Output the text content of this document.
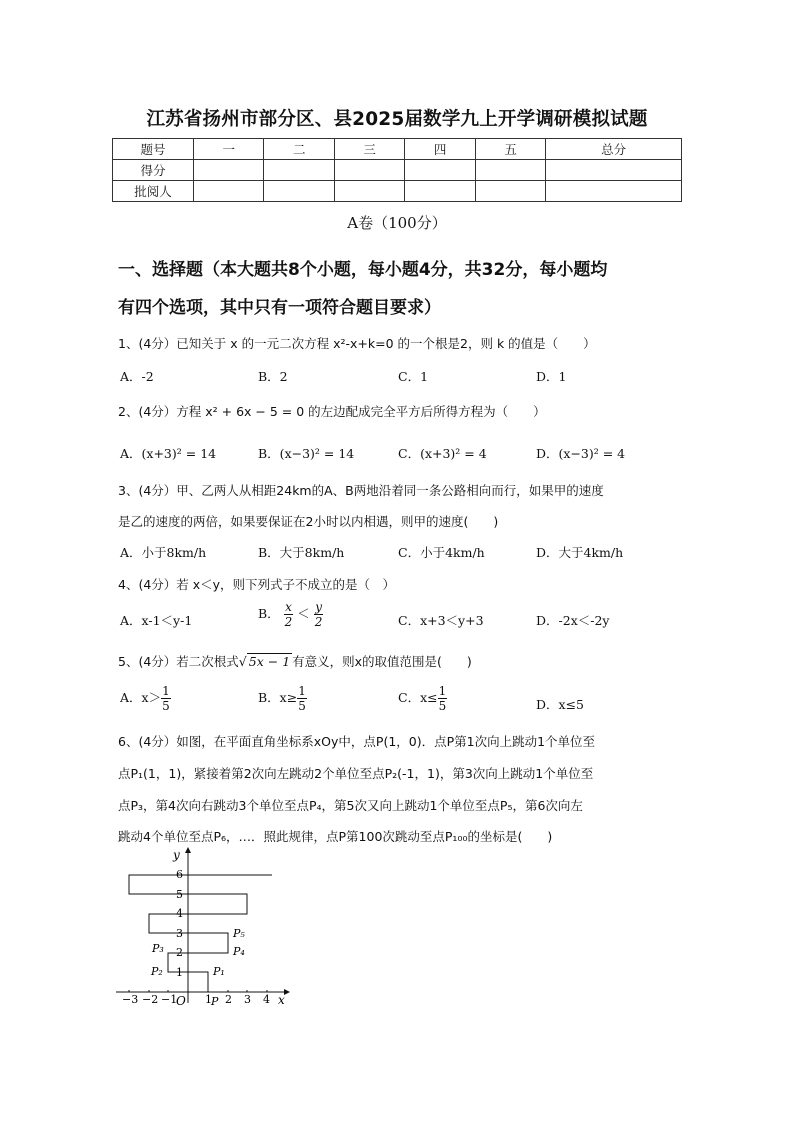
江苏省扬州市部分区、县2025届数学九上开学调研模拟试题
题号	一	二	三	四	五	总分
得分						
批阅人						
A卷（100分）
一、选择题（本大题共8个小题，每小题4分，共32分，每小题均
有四个选项，其中只有一项符合题目要求）
1、(4分）已知关于 x 的一元二次方程 x²-x+k=0 的一个根是2，则 k 的值是（　　）
A．-2	B．2	C．1	D．1
2、(4分）方程 x² + 6x − 5 = 0 的左边配成完全平方后所得方程为（　　）
A．(x+3)² = 14	B．(x−3)² = 14	C．(x+3)² = 4	D．(x−3)² = 4
3、(4分）甲、乙两人从相距24km的A、B两地沿着同一条公路相向而行，如果甲的速度
是乙的速度的两倍，如果要保证在2小时以内相遇，则甲的速度(　　)
A．小于8km/h	B．大于8km/h	C．小于4km/h	D．大于4km/h
4、(4分）若 x＜y，则下列式子不成立的是（　）
A．x-1＜y-1	B． $\frac{x}{2} < \frac{y}{2}$	C．x+3＜y+3	D．-2x＜-2y
5、(4分）若二次根式√ 5x − 1 有意义，则x的取值范围是(　　)
A．$x> \frac{1}{5}$	B．$x\ge \frac{1}{5}$	C．$x\le \frac{1}{5}$	D．x≤5
6、(4分）如图，在平面直角坐标系xOy中，点P(1，0)．点P第1次向上跳动1个单位至
点P₁(1，1)，紧接着第2次向左跳动2个单位至点P₂(-1，1)，第3次向上跳动1个单位至
点P₃，第4次向右跳动3个单位至点P₄，第5次又向上跳动1个单位至点P₅，第6次向左
跳动4个单位至点P₆，…．照此规律，点P第100次跳动至点P₁₀₀的坐标是(　　)
y
x
O
−3 −2 −1	1 2 3 4
1
2
3
4
5
6
P
P₁
P₂
P₃	P₄
P₅
